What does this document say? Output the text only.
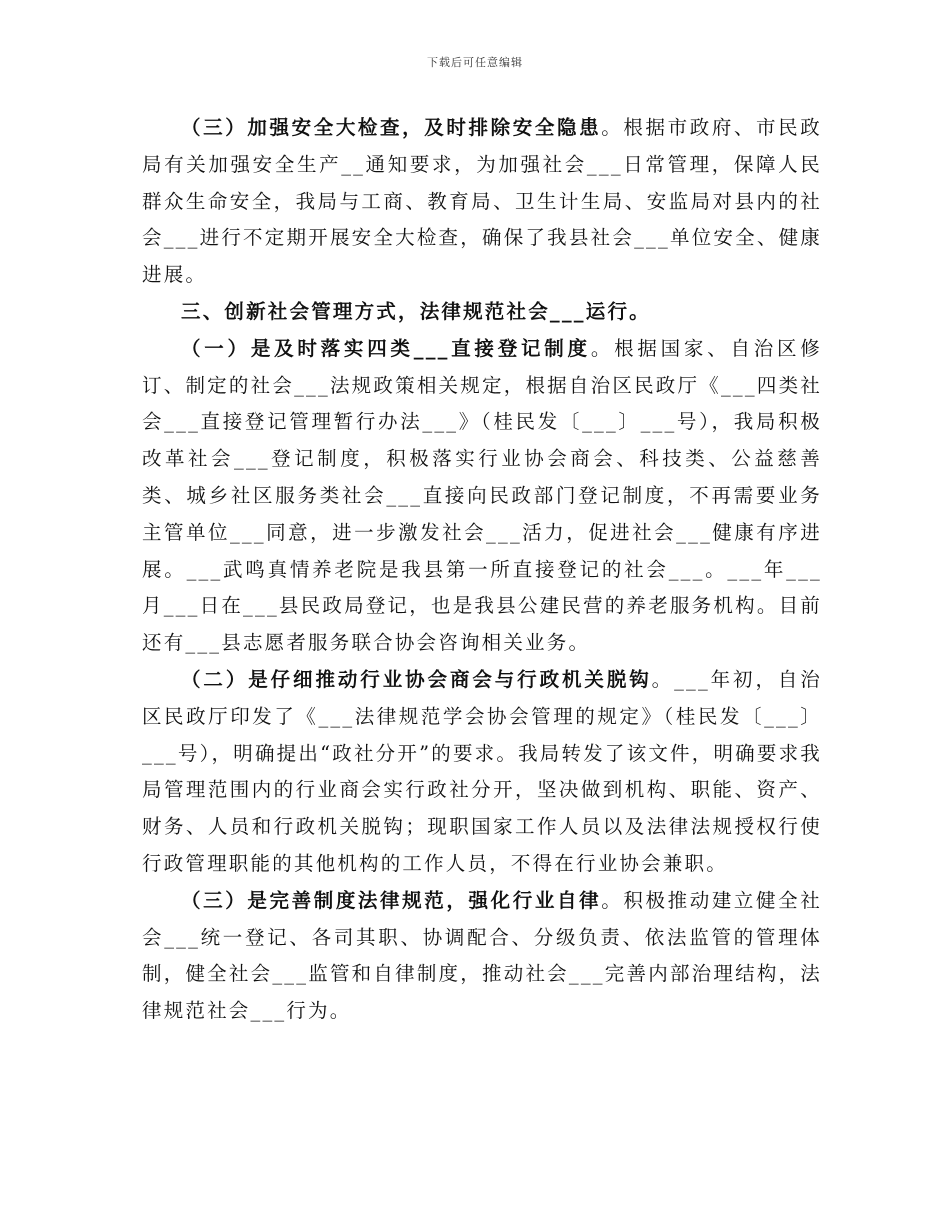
下载后可任意编辑

（三）加强安全大检查，及时排除安全隐患。根据市政府、市民政局有关加强安全生产__通知要求，为加强社会___日常管理，保障人民群众生命安全，我局与工商、教育局、卫生计生局、安监局对县内的社会___进行不定期开展安全大检查，确保了我县社会___单位安全、健康进展。

三、创新社会管理方式，法律规范社会___运行。

（一）是及时落实四类___直接登记制度。根据国家、自治区修订、制定的社会___法规政策相关规定，根据自治区民政厅《___四类社会___直接登记管理暂行办法___》（桂民发〔___〕___号），我局积极改革社会___登记制度，积极落实行业协会商会、科技类、公益慈善类、城乡社区服务类社会___直接向民政部门登记制度，不再需要业务主管单位___同意，进一步激发社会___活力，促进社会___健康有序进展。___武鸣真情养老院是我县第一所直接登记的社会___。___年___月___日在___县民政局登记，也是我县公建民营的养老服务机构。目前还有___县志愿者服务联合协会咨询相关业务。

（二）是仔细推动行业协会商会与行政机关脱钩。___年初，自治区民政厅印发了《___法律规范学会协会管理的规定》（桂民发〔___〕___号），明确提出“政社分开”的要求。我局转发了该文件，明确要求我局管理范围内的行业商会实行政社分开，坚决做到机构、职能、资产、财务、人员和行政机关脱钩；现职国家工作人员以及法律法规授权行使行政管理职能的其他机构的工作人员，不得在行业协会兼职。

（三）是完善制度法律规范，强化行业自律。积极推动建立健全社会___统一登记、各司其职、协调配合、分级负责、依法监管的管理体制，健全社会___监管和自律制度，推动社会___完善内部治理结构，法律规范社会___行为。
